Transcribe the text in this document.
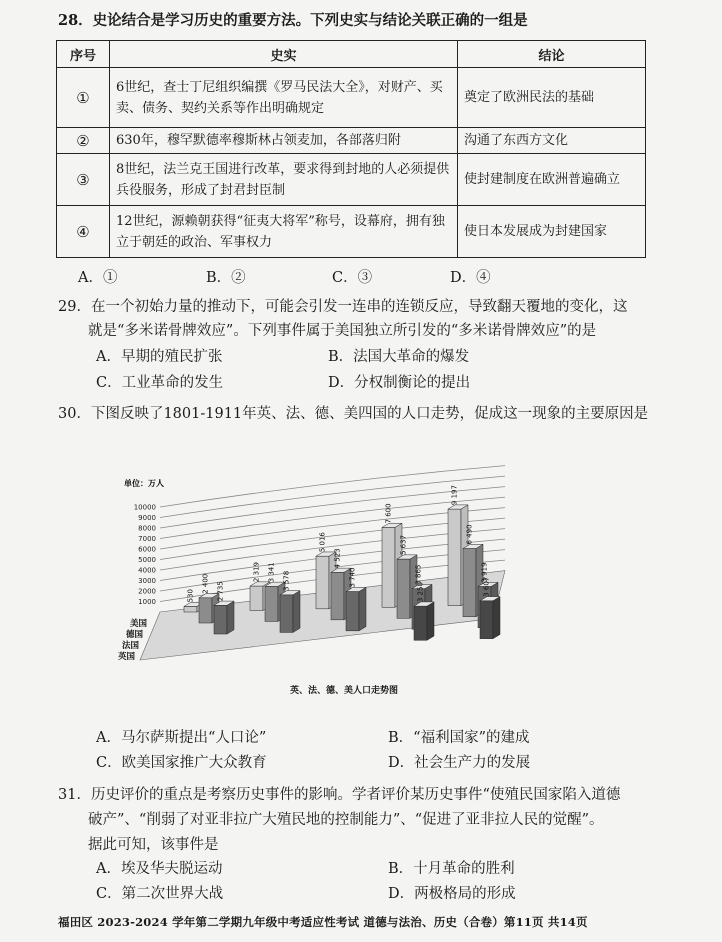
28．史论结合是学习历史的重要方法。下列史实与结论关联正确的一组是
序号	史实	结论
①	6世纪，查士丁尼组织编撰《罗马民法大全》，对财产、买卖、债务、契约关系等作出明确规定	奠定了欧洲民法的基础
②	630年，穆罕默德率穆斯林占领麦加，各部落归附	沟通了东西方文化
③	8世纪，法兰克王国进行改革，要求得到封地的人必须提供兵役服务，形成了封君封臣制	使封建制度在欧洲普遍确立
④	12世纪，源赖朝获得“征夷大将军”称号，设幕府，拥有独立于朝廷的政治、军事权力	使日本发展成为封建国家
A．①	B．②	C．③	D．④
29．在一个初始力量的推动下，可能会引发一连串的连锁反应，导致翻天覆地的变化，这
就是“多米诺骨牌效应”。下列事件属于美国独立所引发的“多米诺骨牌效应”的是
A．早期的殖民扩张	B．法国大革命的爆发
C．工业革命的发生	D．分权制衡论的提出
30．下图反映了1801-1911年英、法、德、美四国的人口走势，促成这一现象的主要原因是
单位：万人
1000
2000
3000
4000
5000
6000
7000
8000
9000
10000
530
2 400 2 735
2 319 3 341 3 578
5 016
4 523
3 740
7 600
5 637
3 865
3 250
9 197
6 490
3 919
3 607
美国
德国
法国
英国
英、法、德、美人口走势图
A．马尔萨斯提出“人口论”	B．“福利国家”的建成
C．欧美国家推广大众教育	D．社会生产力的发展
31．历史评价的重点是考察历史事件的影响。学者评价某历史事件“使殖民国家陷入道德
破产”、“削弱了对亚非拉广大殖民地的控制能力”、“促进了亚非拉人民的觉醒”。
据此可知，该事件是
A．埃及华夫脱运动	B．十月革命的胜利
C．第二次世界大战	D．两极格局的形成
福田区 2023-2024 学年第二学期九年级中考适应性考试 道德与法治、历史（合卷）第11页 共14页
